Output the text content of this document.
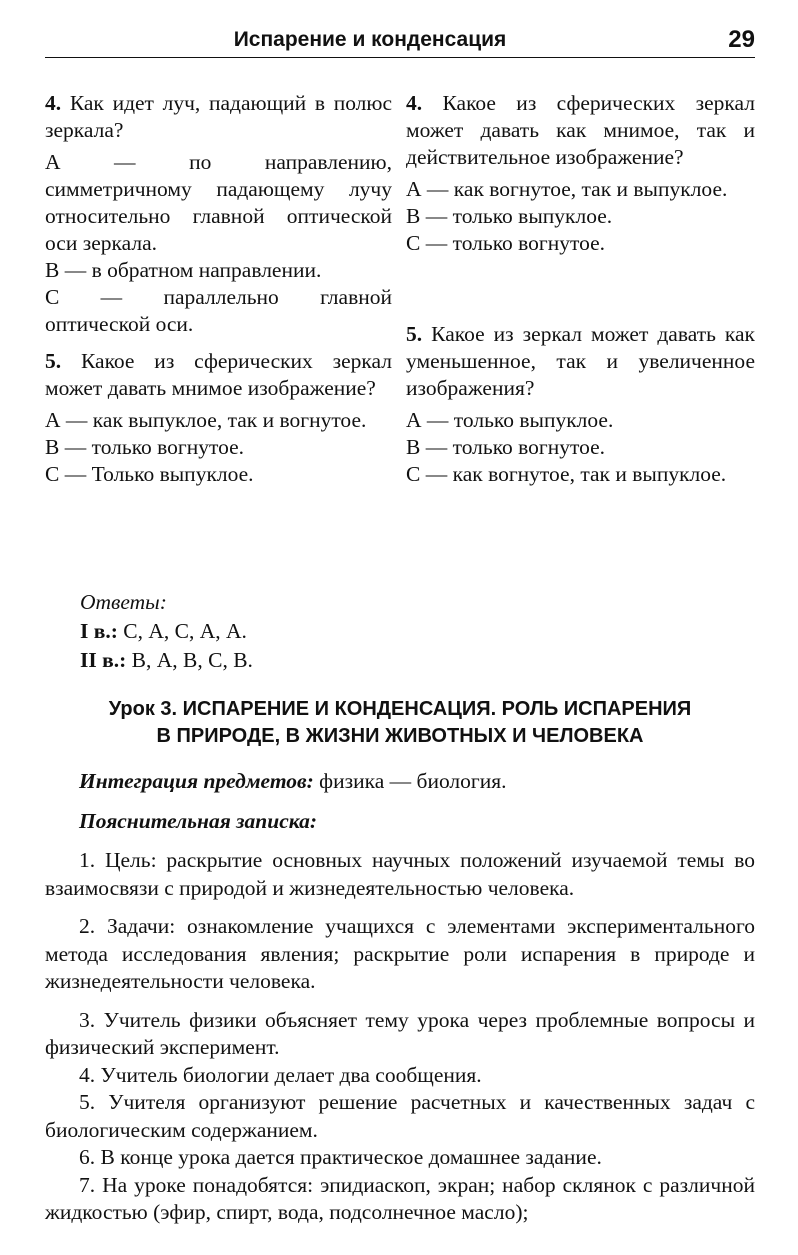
Испарение и конденсация	29

4. Как идет луч, падающий в полюс зеркала?

А — по направлению, симметричному падающему лучу относительно главной оптической оси зеркала.

В — в обратном направлении.

С — параллельно главной оптической оси.

5. Какое из сферических зеркал может давать мнимое изображение?

А — как выпуклое, так и вогнутое.

В — только вогнутое.

С — Только выпуклое.

4. Какое из сферических зеркал может давать как мнимое, так и действительное изображение?

А — как вогнутое, так и выпуклое.

В — только выпуклое.

С — только вогнутое.

5. Какое из зеркал может давать как уменьшенное, так и увеличенное изображения?

А — только выпуклое.

В — только вогнутое.

С — как вогнутое, так и выпуклое.

Ответы:
I в.: С, А, С, А, А.
II в.: В, А, В, С, В.
Урок 3. ИСПАРЕНИЕ И КОНДЕНСАЦИЯ. РОЛЬ ИСПАРЕНИЯ
В ПРИРОДЕ, В ЖИЗНИ ЖИВОТНЫХ И ЧЕЛОВЕКА

Интеграция предметов: физика — биология.

Пояснительная записка:

1. Цель: раскрытие основных научных положений изучаемой темы во взаимосвязи с природой и жизнедеятельностью человека.

2. Задачи: ознакомление учащихся с элементами экспериментального метода исследования явления; раскрытие роли испарения в природе и жизнедеятельности человека.

3. Учитель физики объясняет тему урока через проблемные вопросы и физический эксперимент.

4. Учитель биологии делает два сообщения.

5. Учителя организуют решение расчетных и качественных задач с биологическим содержанием.

6. В конце урока дается практическое домашнее задание.

7. На уроке понадобятся: эпидиаскоп, экран; набор склянок с различной жидкостью (эфир, спирт, вода, подсолнечное масло);
